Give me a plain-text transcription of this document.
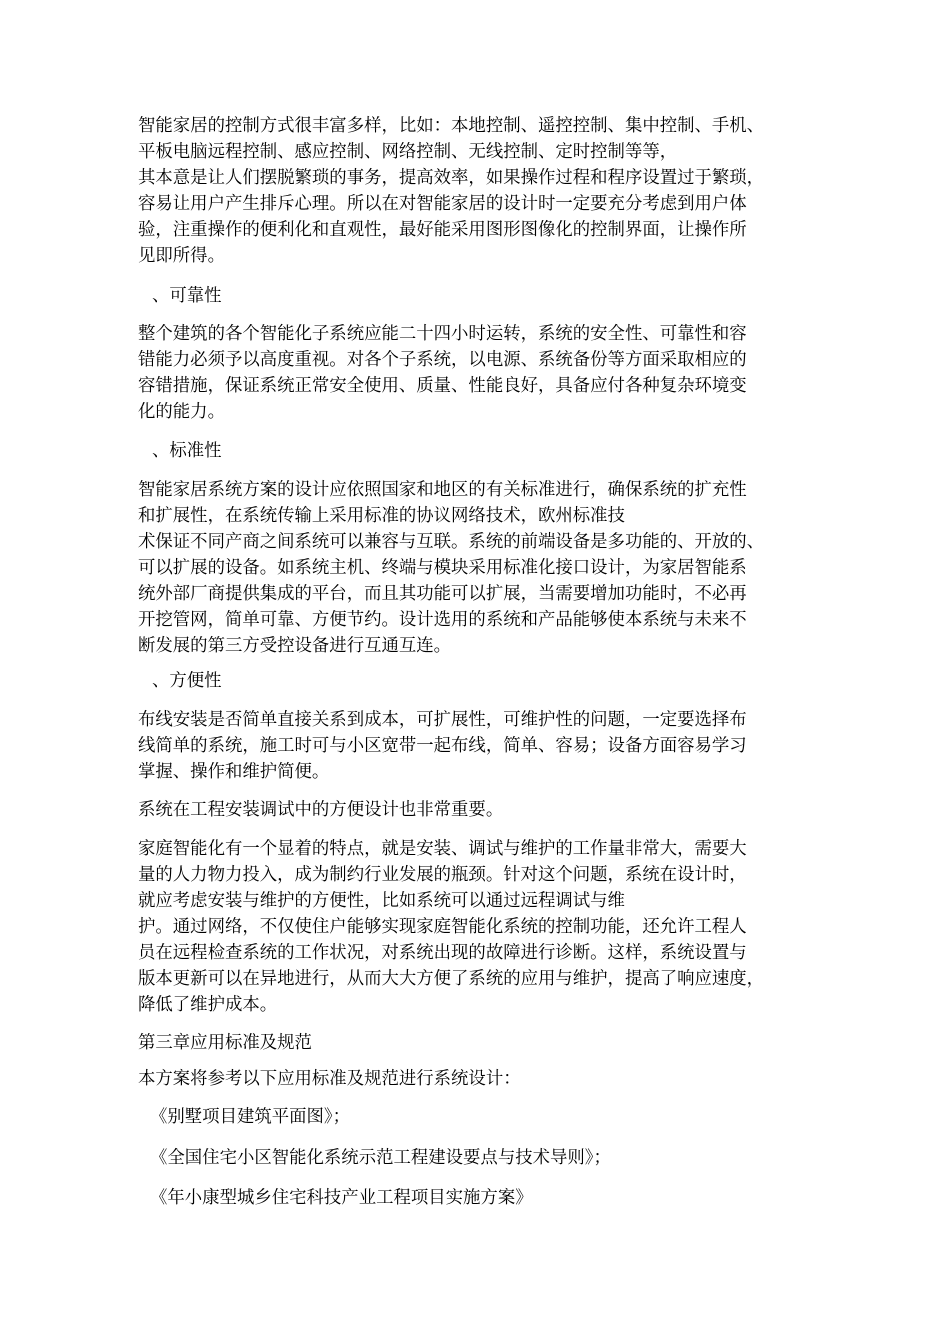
智能家居的控制方式很丰富多样，比如：本地控制、遥控控制、集中控制、手机、
平板电脑远程控制、感应控制、网络控制、无线控制、定时控制等等，
其本意是让人们摆脱繁琐的事务，提高效率，如果操作过程和程序设置过于繁琐，
容易让用户产生排斥心理。所以在对智能家居的设计时一定要充分考虑到用户体
验，注重操作的便利化和直观性，最好能采用图形图像化的控制界面，让操作所
见即所得。
、可靠性
整个建筑的各个智能化子系统应能二十四小时运转，系统的安全性、可靠性和容
错能力必须予以高度重视。对各个子系统，以电源、系统备份等方面采取相应的
容错措施，保证系统正常安全使用、质量、性能良好，具备应付各种复杂环境变
化的能力。
、标准性
智能家居系统方案的设计应依照国家和地区的有关标准进行，确保系统的扩充性
和扩展性，在系统传输上采用标准的协议网络技术，欧州标准技
术保证不同产商之间系统可以兼容与互联。系统的前端设备是多功能的、开放的、
可以扩展的设备。如系统主机、终端与模块采用标准化接口设计，为家居智能系
统外部厂商提供集成的平台，而且其功能可以扩展，当需要增加功能时，不必再
开挖管网，简单可靠、方便节约。设计选用的系统和产品能够使本系统与未来不
断发展的第三方受控设备进行互通互连。
、方便性
布线安装是否简单直接关系到成本，可扩展性，可维护性的问题，一定要选择布
线简单的系统，施工时可与小区宽带一起布线，简单、容易；设备方面容易学习
掌握、操作和维护简便。
系统在工程安装调试中的方便设计也非常重要。
家庭智能化有一个显着的特点，就是安装、调试与维护的工作量非常大，需要大
量的人力物力投入，成为制约行业发展的瓶颈。针对这个问题，系统在设计时，
就应考虑安装与维护的方便性，比如系统可以通过远程调试与维
护。通过网络，不仅使住户能够实现家庭智能化系统的控制功能，还允许工程人
员在远程检查系统的工作状况，对系统出现的故障进行诊断。这样，系统设置与
版本更新可以在异地进行，从而大大方便了系统的应用与维护，提高了响应速度，
降低了维护成本。
第三章应用标准及规范
本方案将参考以下应用标准及规范进行系统设计：
《别墅项目建筑平面图》；
《全国住宅小区智能化系统示范工程建设要点与技术导则》；
《年小康型城乡住宅科技产业工程项目实施方案》
